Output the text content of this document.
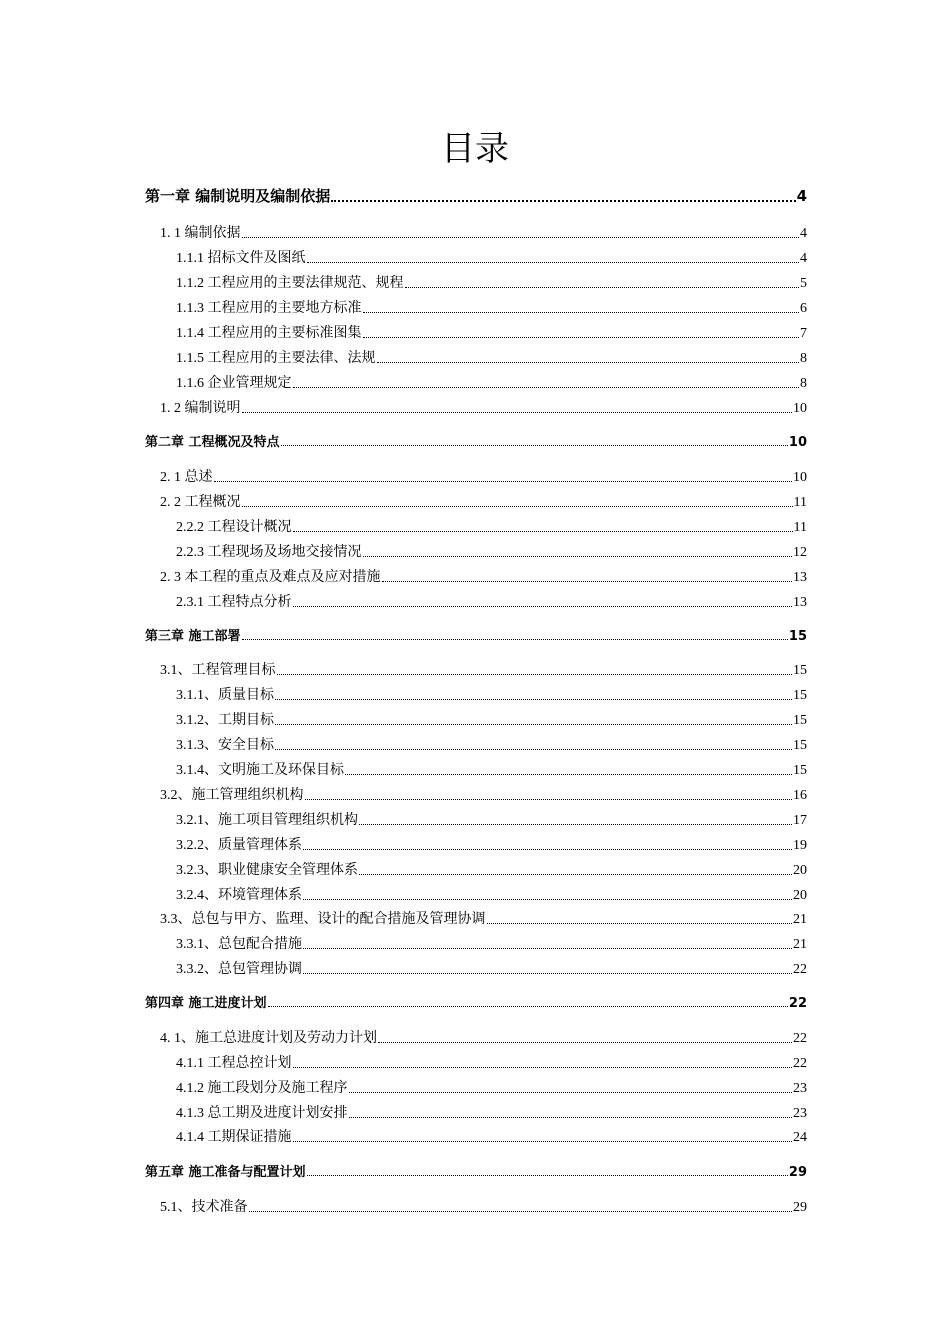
目录
第一章 编制说明及编制依据	4
1. 1 编制依据	4
1.1.1 招标文件及图纸	4
1.1.2 工程应用的主要法律规范、规程	5
1.1.3 工程应用的主要地方标准	6
1.1.4 工程应用的主要标准图集	7
1.1.5 工程应用的主要法律、法规	8
1.1.6 企业管理规定	8
1. 2 编制说明	10
第二章 工程概况及特点	10
2. 1 总述	10
2. 2 工程概况	11
2.2.2 工程设计概况	11
2.2.3 工程现场及场地交接情况	12
2. 3 本工程的重点及难点及应对措施	13
2.3.1 工程特点分析	13
第三章 施工部署	15
3.1、工程管理目标	15
3.1.1、质量目标	15
3.1.2、工期目标	15
3.1.3、安全目标	15
3.1.4、文明施工及环保目标	15
3.2、施工管理组织机构	16
3.2.1、施工项目管理组织机构	17
3.2.2、质量管理体系	19
3.2.3、职业健康安全管理体系	20
3.2.4、环境管理体系	20
3.3、总包与甲方、监理、设计的配合措施及管理协调	21
3.3.1、总包配合措施	21
3.3.2、总包管理协调	22
第四章 施工进度计划	22
4. 1、施工总进度计划及劳动力计划	22
4.1.1 工程总控计划	22
4.1.2 施工段划分及施工程序	23
4.1.3 总工期及进度计划安排	23
4.1.4 工期保证措施	24
第五章 施工准备与配置计划	29
5.1、技术准备	29
